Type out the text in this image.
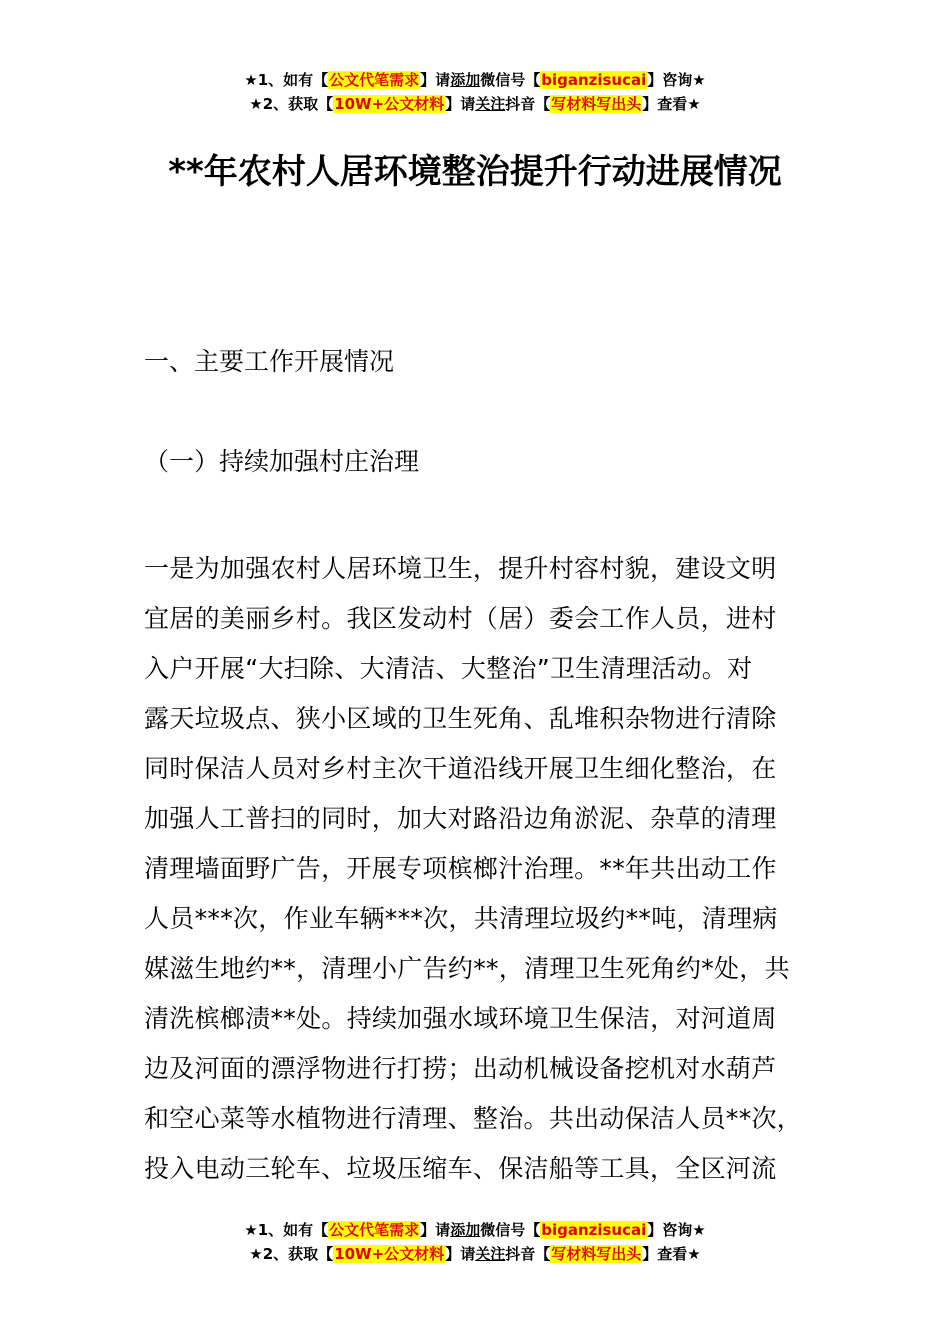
★1、如有【公文代笔需求】请添加微信号【biganzisucai】咨询★
★2、获取【10W+公文材料】请关注抖音【写材料写出头】查看★
**年农村人居环境整治提升行动进展情况
一、主要工作开展情况
（一）持续加强村庄治理
一是为加强农村人居环境卫生，提升村容村貌，建设文明
宜居的美丽乡村。我区发动村（居）委会工作人员，进村
入户开展“大扫除、大清洁、大整治”卫生清理活动。对
露天垃圾点、狭小区域的卫生死角、乱堆积杂物进行清除
同时保洁人员对乡村主次干道沿线开展卫生细化整治，在
加强人工普扫的同时，加大对路沿边角淤泥、杂草的清理
清理墙面野广告，开展专项槟榔汁治理。**年共出动工作
人员***次，作业车辆***次，共清理垃圾约**吨，清理病
媒滋生地约**，清理小广告约**，清理卫生死角约*处，共
清洗槟榔渍**处。持续加强水域环境卫生保洁，对河道周
边及河面的漂浮物进行打捞；出动机械设备挖机对水葫芦
和空心菜等水植物进行清理、整治。共出动保洁人员**次，
投入电动三轮车、垃圾压缩车、保洁船等工具，全区河流
★1、如有【公文代笔需求】请添加微信号【biganzisucai】咨询★
★2、获取【10W+公文材料】请关注抖音【写材料写出头】查看★
